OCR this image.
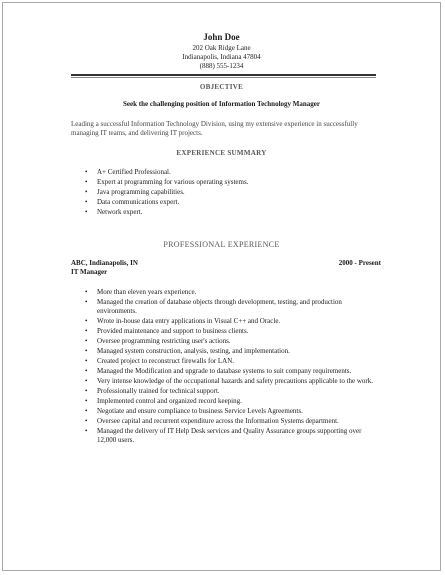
John Doe
202 Oak Ridge Lane
Indianapolis, Indiana 47804
(888) 555-1234
OBJECTIVE
Seek the challenging position of Information Technology Manager
Leading a successful Information Technology Division, using my extensive experience in successfully managing IT teams, and delivering IT projects.
EXPERIENCE SUMMARY
• A+ Certified Professional.
• Expert at programming for various operating systems.
• Java programming capabilities.
• Data communications expert.
• Network expert.
PROFESSIONAL EXPERIENCE
ABC, Indianapolis, IN	2000 - Present
IT Manager
• More than eleven years experience.
• Managed the creation of database objects through development, testing, and production environments.
• Wrote in-house data entry applications in Visual C++ and Oracle.
• Provided maintenance and support to business clients.
• Oversee programming restricting user's actions.
• Managed system construction, analysis, testing, and implementation.
• Created project to reconstruct firewalls for LAN.
• Managed the Modification and upgrade to database systems to suit company requirements.
• Very intense knowledge of the occupational hazards and safety precautions applicable to the work.
• Professionally trained for technical support.
• Implemented control and organized record keeping.
• Negotiate and ensure compliance to business Service Levels Agreements.
• Oversee capital and recurrent expenditure across the Information Systems department.
• Managed the delivery of IT Help Desk services and Quality Assurance groups supporting over 12,000 users.
